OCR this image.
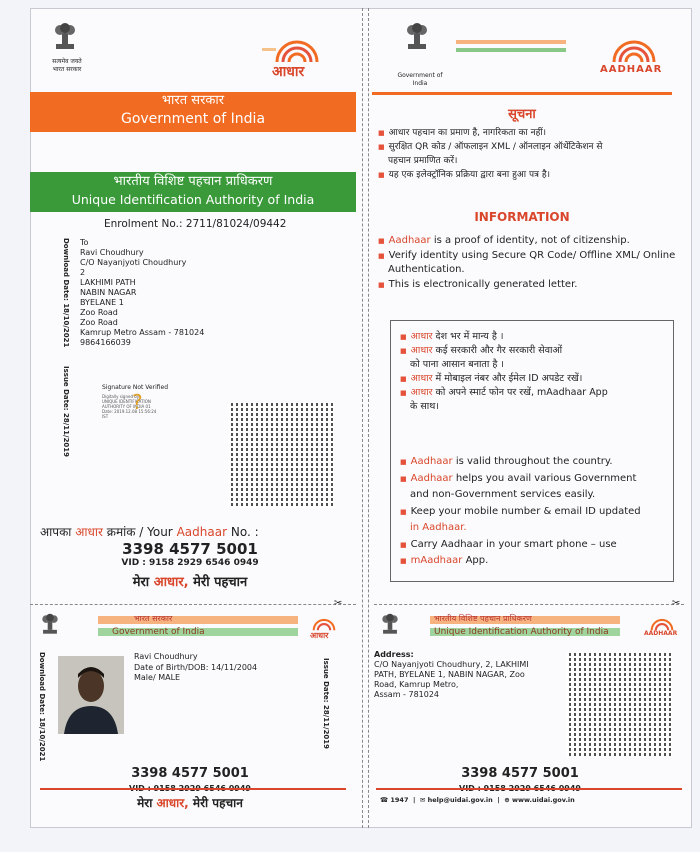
सत्यमेव जयते
भारत सरकार	आधार
भारत सरकार
Government of India
भारतीय विशिष्ट पहचान प्राधिकरण
Unique Identification Authority of India
Enrolment No.: 2711/81024/09442
Download Date: 18/10/2021
Issue Date: 28/11/2019
To
Ravi Choudhury
C/O Nayanjyoti Choudhury
2
LAKHIMI PATH
NABIN NAGAR
BYELANE 1
Zoo Road
Zoo Road
Kamrup Metro Assam - 781024
9864166039
Signature Not Verified
Digitally signed by
UNIQUE IDENTIFICATION
AUTHORITY OF INDIA 01
Date: 2019.12.08 15:56:24
IST
?
आपका आधार क्रमांक / Your Aadhaar No. :
3398 4577 5001
VID : 9158 2929 6546 0949
मेरा आधार, मेरी पहचान
Government of India
AADHAAR
सूचना
■ आधार पहचान का प्रमाण है, नागरिकता का नहीं।
■ सुरक्षित QR कोड / ऑफलाइन XML / ऑनलाइन ऑथेंटिकेशन से
पहचान प्रमाणित करें।
■ यह एक इलेक्ट्रॉनिक प्रक्रिया द्वारा बना हुआ पत्र है।
INFORMATION
■ Aadhaar is a proof of identity, not of citizenship.
■ Verify identity using Secure QR Code/ Offline XML/ Online
Authentication.
■ This is electronically generated letter.
■ आधार देश भर में मान्य है ।
■ आधार कई सरकारी और गैर सरकारी सेवाओं
को पाना आसान बनाता है ।
■ आधार में मोबाइल नंबर और ईमेल ID अपडेट रखें।
■ आधार को अपने स्मार्ट फोन पर रखें, mAadhaar App
के साथ।
■ Aadhaar is valid throughout the country.
■ Aadhaar helps you avail various Government
and non-Government services easily.
■ Keep your mobile number & email ID updated
in Aadhaar.
■ Carry Aadhaar in your smart phone – use
■ mAadhaar App.
✂	✂
भारत सरकार
Government of India	आधार
Download Date: 18/10/2021	Issue Date: 28/11/2019
Ravi Choudhury
Date of Birth/DOB: 14/11/2004
Male/ MALE
3398 4577 5001
मेरा आधार, मेरी पहचान
भारतीय विशिष्ट पहचान प्राधिकरण
Unique Identification Authority of India	AADHAAR
Address:
C/O Nayanjyoti Choudhury, 2, LAKHIMI
PATH, BYELANE 1, NABIN NAGAR, Zoo
Road, Kamrup Metro,
Assam - 781024
3398 4577 5001
☎ 1947  |  ✉ help@uidai.gov.in  |  ⊕ www.uidai.gov.in
